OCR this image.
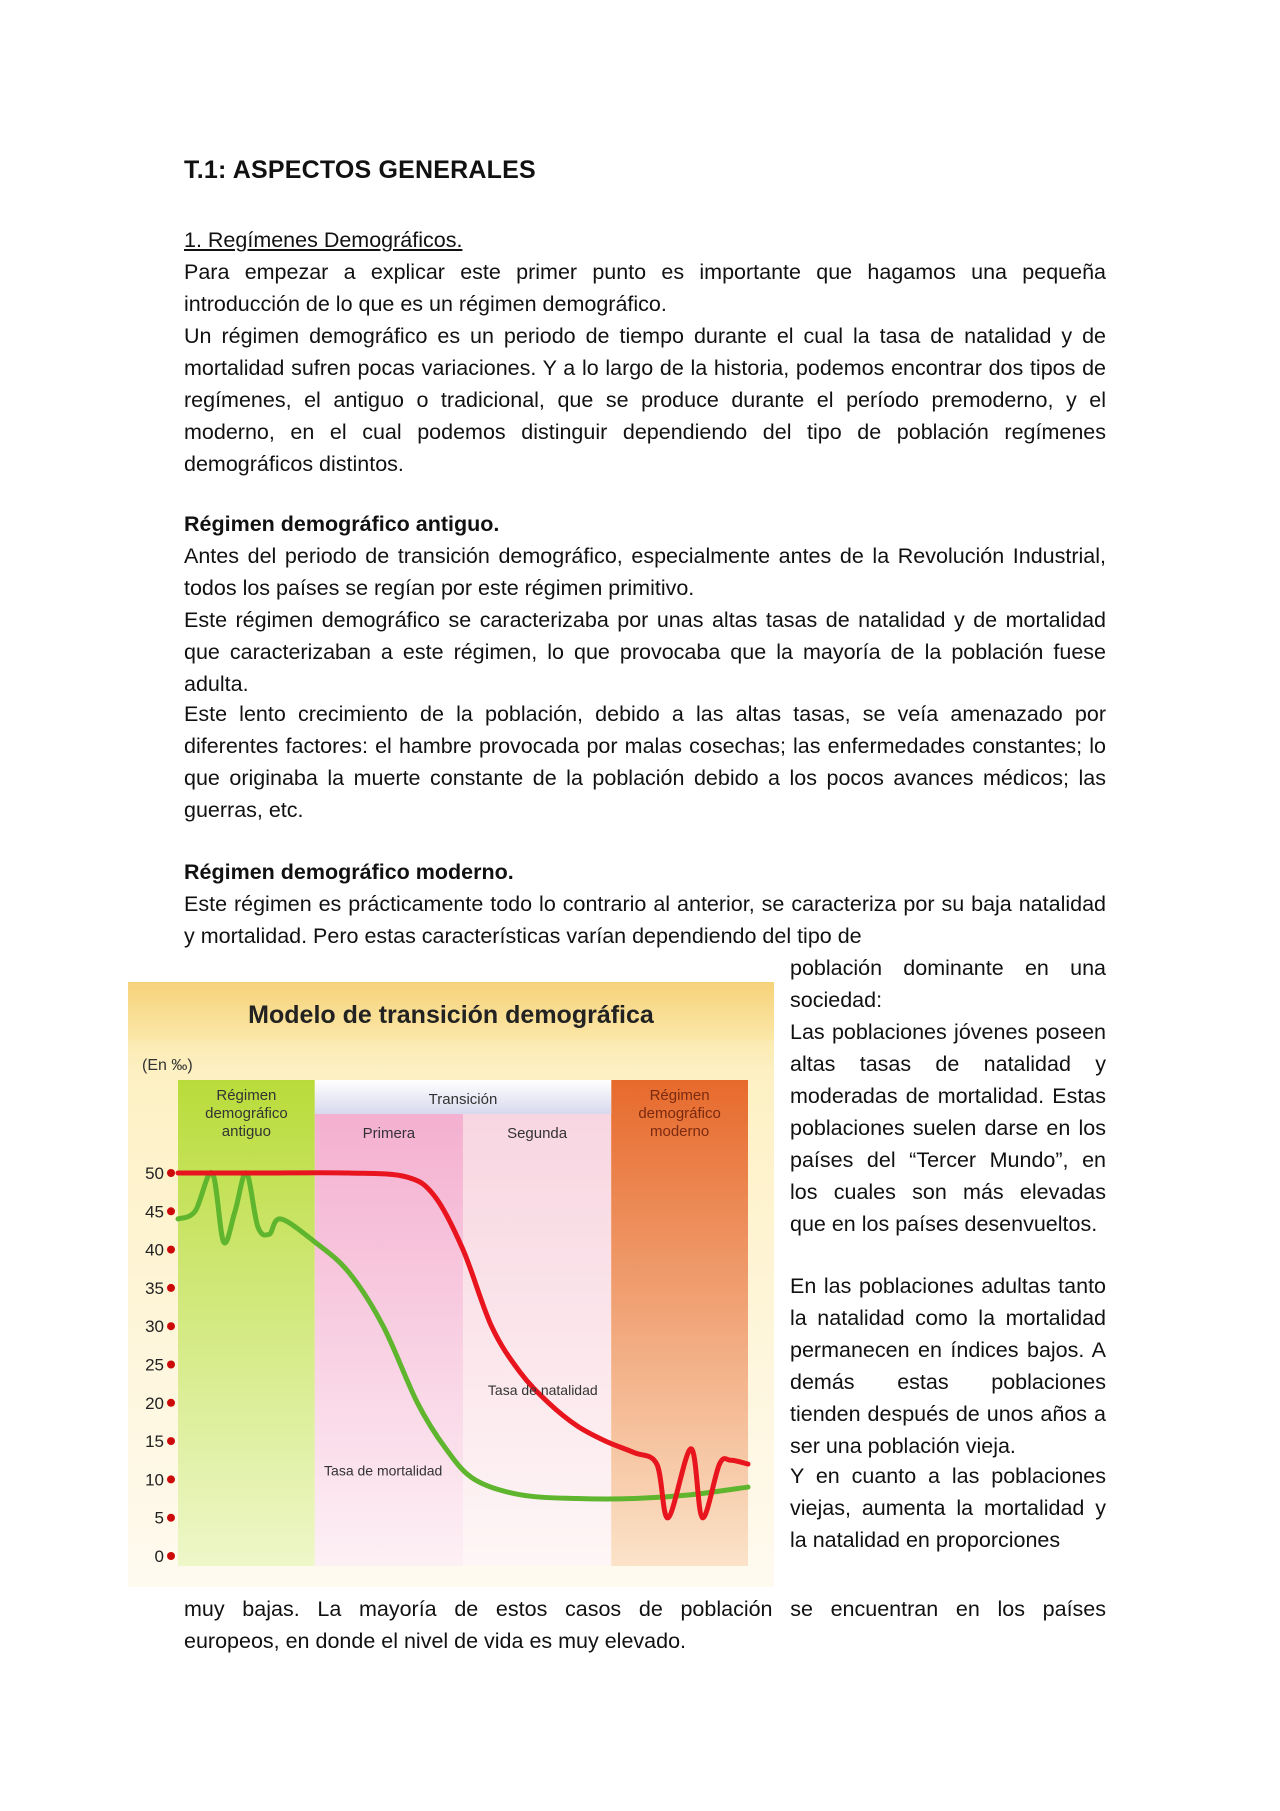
T.1: ASPECTOS GENERALES
1. Regímenes Demográficos.
Para empezar a explicar este primer punto es importante que hagamos una pequeña introducción de lo que es un régimen demográfico.
Un régimen demográfico es un periodo de tiempo durante el cual la tasa de natalidad y de mortalidad sufren pocas variaciones. Y a lo largo de la historia, podemos encontrar dos tipos de regímenes, el antiguo o tradicional, que se produce durante el período premoderno, y el moderno, en el cual podemos distinguir dependiendo del tipo de población regímenes demográficos distintos.
Régimen demográfico antiguo.
Antes del periodo de transición demográfico, especialmente antes de la Revolución Industrial, todos los países se regían por este régimen primitivo.
Este régimen demográfico se caracterizaba por unas altas tasas de natalidad y de mortalidad que caracterizaban a este régimen, lo que provocaba que la mayoría de la población fuese adulta.
Este lento crecimiento de la población, debido a las altas tasas, se veía amenazado por diferentes factores: el hambre provocada por malas cosechas; las enfermedades constantes; lo que originaba la muerte constante de la población debido a los pocos avances médicos; las guerras, etc.
Régimen demográfico moderno.
Este régimen es prácticamente todo lo contrario al anterior, se caracteriza por su baja natalidad y mortalidad. Pero estas características varían dependiendo del tipo de
población dominante en una sociedad:
Las poblaciones jóvenes poseen altas tasas de natalidad y moderadas de mortalidad. Estas poblaciones suelen darse en los países del “Tercer Mundo”, en los cuales son más elevadas que en los países desenvueltos.
En las poblaciones adultas tanto la natalidad como la mortalidad permanecen en índices bajos. A demás estas poblaciones tienden después de unos años a ser una población vieja.
Y en cuanto a las poblaciones viejas, aumenta la mortalidad y la natalidad en proporciones
muy bajas. La mayoría de estos casos de población se encuentran en los países
europeos, en donde el nivel de vida es muy elevado.
Modelo de transición demográfica
(En ‰)
Transición
Régimen
demográfico
antiguo	Primera	Segunda
Régimen
demográfico
moderno
Tasa de natalidad
Tasa de mortalidad
50
45
40
35
30
25
20
15
10
5
0
